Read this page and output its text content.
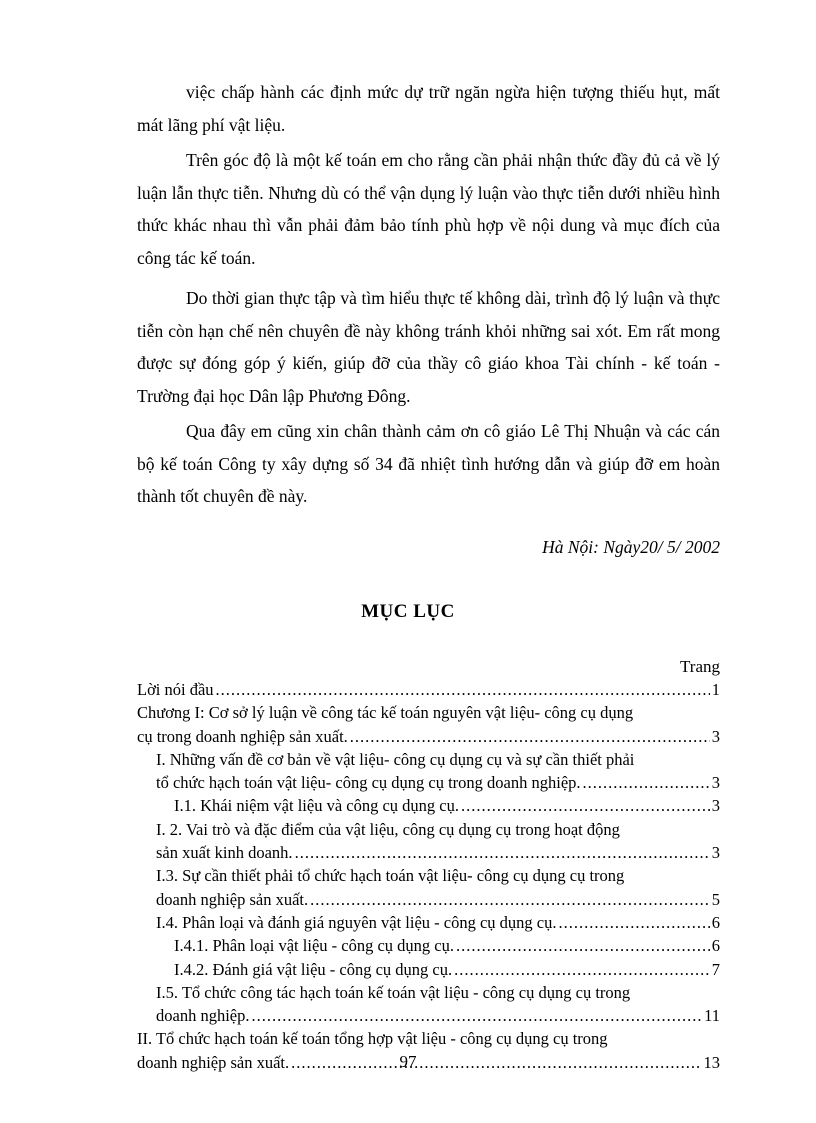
việc chấp hành các định mức dự trữ ngăn ngừa hiện tượng thiếu hụt, mất mát lãng phí vật liệu.

Trên góc độ là một kế toán em cho rằng cần phải nhận thức đầy đủ cả về lý luận lẫn thực tiễn. Nhưng dù có thể vận dụng lý luận vào thực tiễn dưới nhiều hình thức khác nhau thì vẫn phải đảm bảo tính phù hợp về nội dung và mục đích của công tác kế toán.

Do thời gian thực tập và tìm hiểu thực tế không dài, trình độ lý luận và thực tiễn còn hạn chế nên chuyên đề này không tránh khỏi những sai xót. Em rất mong được sự đóng góp ý kiến, giúp đỡ của thầy cô giáo khoa Tài chính - kế toán - Trường đại học Dân lập Phương Đông.

Qua đây em cũng xin chân thành cảm ơn cô giáo Lê Thị Nhuận và các cán bộ kế toán Công ty xây dựng số 34 đã nhiệt tình hướng dẫn và giúp đỡ em hoàn thành tốt chuyên đề này.

Hà Nội: Ngày20/ 5/ 2002

MỤC LỤC

Trang

Lời nói đầu .....	1
Chương I: Cơ sở lý luận về công tác kế toán nguyên vật liệu- công cụ dụng
cụ trong doanh nghiệp sản xuất. .....	3
I. Những vấn đề cơ bản về vật liệu- công cụ dụng cụ và sự cần thiết phải
tổ chức hạch toán vật liệu- công cụ dụng cụ trong doanh nghiệp. .....	3
I.1. Khái niệm vật liệu và công cụ dụng cụ. .....	3
I. 2. Vai trò và đặc điểm của vật liệu, công cụ dụng cụ trong hoạt động
sản xuất kinh doanh. .....	3
I.3. Sự cần thiết phải tổ chức hạch toán vật liệu- công cụ dụng cụ trong
doanh nghiệp sản xuất. .....	5
I.4. Phân loại và đánh giá nguyên vật liệu - công cụ dụng cụ. .....	6
I.4.1. Phân loại vật liệu - công cụ dụng cụ. .....	6
I.4.2. Đánh giá vật liệu - công cụ dụng cụ. .....	7
I.5. Tổ chức công tác hạch toán kế toán vật liệu - công cụ dụng cụ trong
doanh nghiệp. .....	11
II. Tổ chức hạch toán kế toán tổng hợp vật liệu - công cụ dụng cụ trong
doanh nghiệp sản xuất. .....	13

97
